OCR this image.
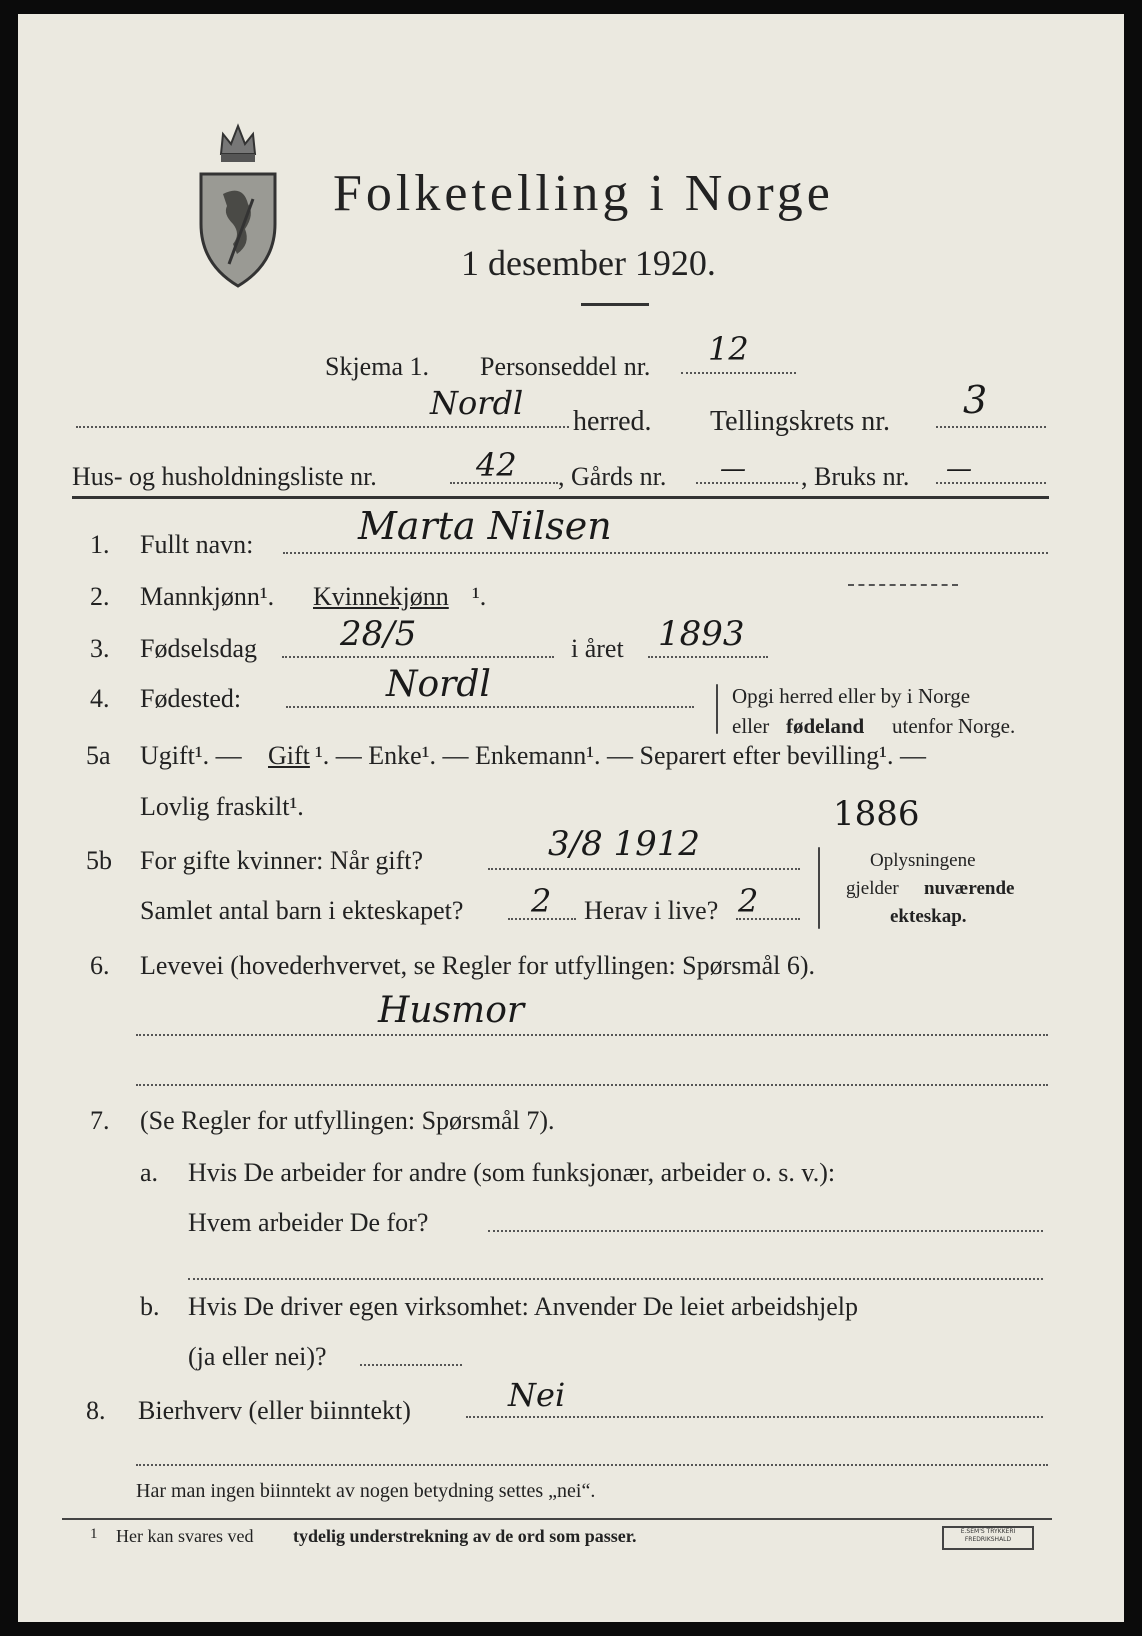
Folketelling i Norge
1 desember 1920.
Skjema 1. Personseddel nr. 12
Nordl herred. Tellingskrets nr. 3
Hus- og husholdningsliste nr.	42 , Gårds nr. — , Bruks nr. —
1. Fullt navn:	Marta Nilsen
2. Mannkjønn¹. Kvinnekjønn ¹.
3. Fødselsdag 28/5	i året 1893
4. Fødested:	Nordl	Opgi herred eller by i Norge
eller fødeland utenfor Norge.
5a Ugift¹. — Gift ¹. — Enke¹. — Enkemann¹. — Separert efter bevilling¹. —
Lovlig fraskilt¹.	1886
5b For gifte kvinner: Når gift?	3/8 1912
Samlet antal barn i ekteskapet? 2 Herav i live? 2
Oplysningene
gjelder nuværende
ekteskap.
6. Levevei (hovederhvervet, se Regler for utfyllingen: Spørsmål 6).
Husmor
7. (Se Regler for utfyllingen: Spørsmål 7).
a. Hvis De arbeider for andre (som funksjonær, arbeider o. s. v.):
Hvem arbeider De for?
b. Hvis De driver egen virksomhet: Anvender De leiet arbeidshjelp
(ja eller nei)?
8. Bierhverv (eller biinntekt)	Nei
Har man ingen biinntekt av nogen betydning settes „nei“.
1 Her kan svares ved tydelig understrekning av de ord som passer.	E.SEM'S TRYKKERI FREDRIKSHALD
